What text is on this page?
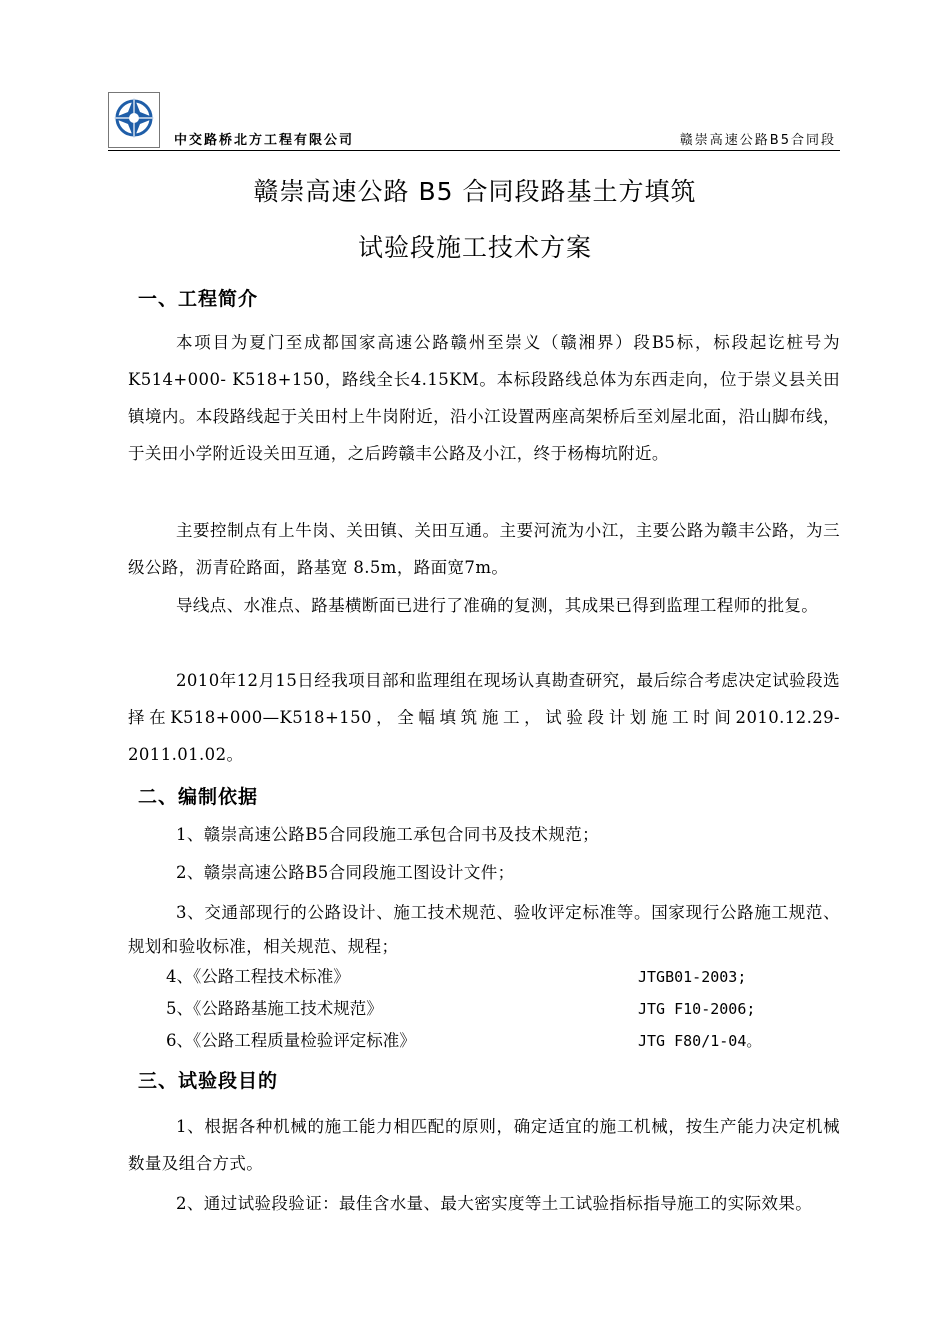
中交路桥北方工程有限公司	赣崇高速公路B5合同段
赣崇高速公路 B5 合同段路基土方填筑
试验段施工技术方案
一、工程简介
本项目为夏门至成都国家高速公路赣州至崇义（赣湘界）段B5标，标段起讫桩号为K514+000- K518+150，路线全长4.15KM。本标段路线总体为东西走向，位于崇义县关田镇境内。本段路线起于关田村上牛岗附近，沿小江设置两座高架桥后至刘屋北面，沿山脚布线，于关田小学附近设关田互通，之后跨赣丰公路及小江，终于杨梅坑附近。
主要控制点有上牛岗、关田镇、关田互通。主要河流为小江，主要公路为赣丰公路，为三级公路，沥青砼路面，路基宽 8.5m，路面宽7m。
导线点、水准点、路基横断面已进行了准确的复测，其成果已得到监理工程师的批复。
2010年12月15日经我项目部和监理组在现场认真勘查研究，最后综合考虑决定试验段选择在K518+000—K518+150，全幅填筑施工，试验段计划施工时间2010.12.29-2011.01.02。
二、编制依据
1、赣崇高速公路B5合同段施工承包合同书及技术规范；
2、赣崇高速公路B5合同段施工图设计文件；
3、交通部现行的公路设计、施工技术规范、验收评定标准等。国家现行公路施工规范、规划和验收标准，相关规范、规程；
4、《公路工程技术标准》	JTGB01-2003;
5、《公路路基施工技术规范》	JTG F10-2006;
6、《公路工程质量检验评定标准》	JTG F80/1-04。
三、试验段目的
1、根据各种机械的施工能力相匹配的原则，确定适宜的施工机械，按生产能力决定机械数量及组合方式。
2、通过试验段验证：最佳含水量、最大密实度等土工试验指标指导施工的实际效果。
